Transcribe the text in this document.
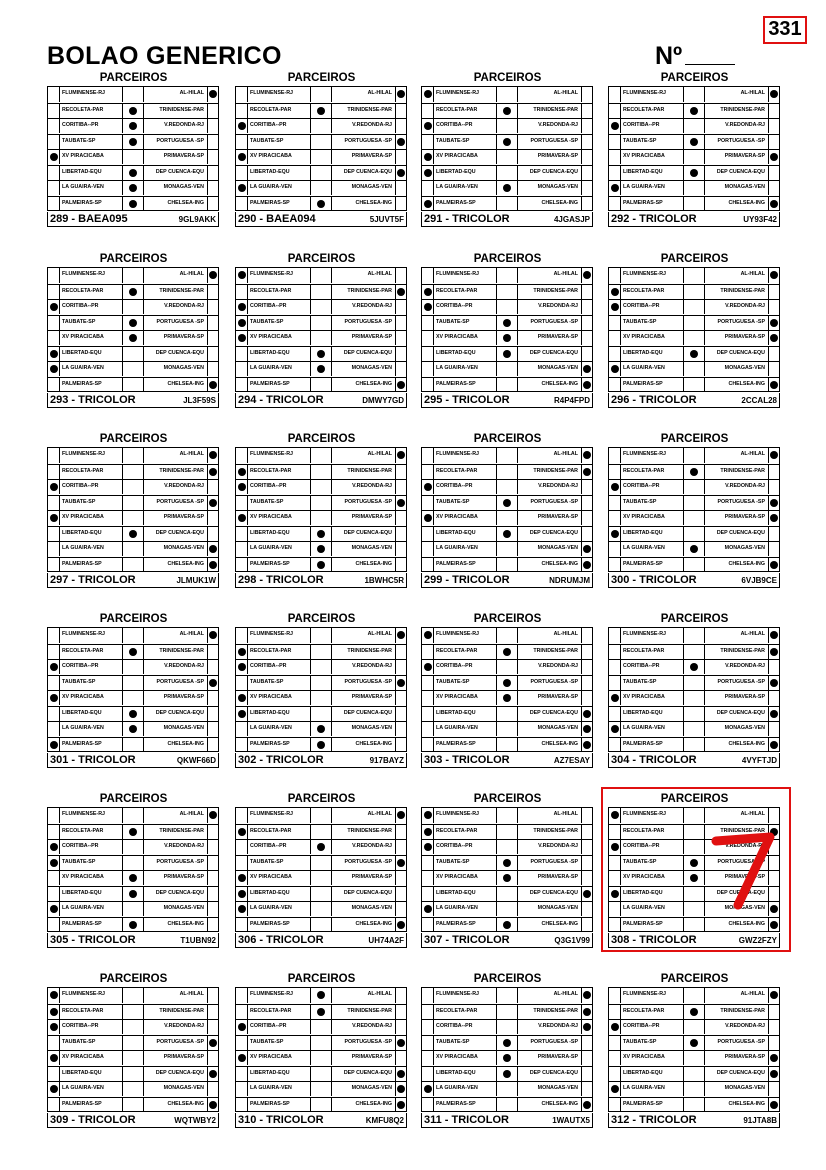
BOLAO GENERICO	Nº
331
PARCEIROS
FLUMINENSE-RJ	AL-HILAL
RECOLETA-PAR	TRINIDENSE-PAR
CORITIBA--PR	V.REDONDA-RJ
TAUBATE-SP	PORTUGUESA -SP
XV PIRACICABA	PRIMAVERA-SP
LIBERTAD-EQU	DEP CUENCA-EQU
LA GUAIRA-VEN	MONAGAS-VEN
PALMEIRAS-SP	CHELSEA-ING
289 - BAEA095	9GL9AKK
PARCEIROS
FLUMINENSE-RJ	AL-HILAL
RECOLETA-PAR	TRINIDENSE-PAR
CORITIBA--PR	V.REDONDA-RJ
TAUBATE-SP	PORTUGUESA -SP
XV PIRACICABA	PRIMAVERA-SP
LIBERTAD-EQU	DEP CUENCA-EQU
LA GUAIRA-VEN	MONAGAS-VEN
PALMEIRAS-SP	CHELSEA-ING
290 - BAEA094	5JUVT5F
PARCEIROS
FLUMINENSE-RJ	AL-HILAL
RECOLETA-PAR	TRINIDENSE-PAR
CORITIBA--PR	V.REDONDA-RJ
TAUBATE-SP	PORTUGUESA -SP
XV PIRACICABA	PRIMAVERA-SP
LIBERTAD-EQU	DEP CUENCA-EQU
LA GUAIRA-VEN	MONAGAS-VEN
PALMEIRAS-SP	CHELSEA-ING
291 - TRICOLOR	4JGASJP
PARCEIROS
FLUMINENSE-RJ	AL-HILAL
RECOLETA-PAR	TRINIDENSE-PAR
CORITIBA--PR	V.REDONDA-RJ
TAUBATE-SP	PORTUGUESA -SP
XV PIRACICABA	PRIMAVERA-SP
LIBERTAD-EQU	DEP CUENCA-EQU
LA GUAIRA-VEN	MONAGAS-VEN
PALMEIRAS-SP	CHELSEA-ING
292 - TRICOLOR	UY93F42
PARCEIROS
FLUMINENSE-RJ	AL-HILAL
RECOLETA-PAR	TRINIDENSE-PAR
CORITIBA--PR	V.REDONDA-RJ
TAUBATE-SP	PORTUGUESA -SP
XV PIRACICABA	PRIMAVERA-SP
LIBERTAD-EQU	DEP CUENCA-EQU
LA GUAIRA-VEN	MONAGAS-VEN
PALMEIRAS-SP	CHELSEA-ING
293 - TRICOLOR	JL3F59S
PARCEIROS
FLUMINENSE-RJ	AL-HILAL
RECOLETA-PAR	TRINIDENSE-PAR
CORITIBA--PR	V.REDONDA-RJ
TAUBATE-SP	PORTUGUESA -SP
XV PIRACICABA	PRIMAVERA-SP
LIBERTAD-EQU	DEP CUENCA-EQU
LA GUAIRA-VEN	MONAGAS-VEN
PALMEIRAS-SP	CHELSEA-ING
294 - TRICOLOR	DMWY7GD
PARCEIROS
FLUMINENSE-RJ	AL-HILAL
RECOLETA-PAR	TRINIDENSE-PAR
CORITIBA--PR	V.REDONDA-RJ
TAUBATE-SP	PORTUGUESA -SP
XV PIRACICABA	PRIMAVERA-SP
LIBERTAD-EQU	DEP CUENCA-EQU
LA GUAIRA-VEN	MONAGAS-VEN
PALMEIRAS-SP	CHELSEA-ING
295 - TRICOLOR	R4P4FPD
PARCEIROS
FLUMINENSE-RJ	AL-HILAL
RECOLETA-PAR	TRINIDENSE-PAR
CORITIBA--PR	V.REDONDA-RJ
TAUBATE-SP	PORTUGUESA -SP
XV PIRACICABA	PRIMAVERA-SP
LIBERTAD-EQU	DEP CUENCA-EQU
LA GUAIRA-VEN	MONAGAS-VEN
PALMEIRAS-SP	CHELSEA-ING
296 - TRICOLOR	2CCAL28
PARCEIROS
FLUMINENSE-RJ	AL-HILAL
RECOLETA-PAR	TRINIDENSE-PAR
CORITIBA--PR	V.REDONDA-RJ
TAUBATE-SP	PORTUGUESA -SP
XV PIRACICABA	PRIMAVERA-SP
LIBERTAD-EQU	DEP CUENCA-EQU
LA GUAIRA-VEN	MONAGAS-VEN
PALMEIRAS-SP	CHELSEA-ING
297 - TRICOLOR	JLMUK1W
PARCEIROS
FLUMINENSE-RJ	AL-HILAL
RECOLETA-PAR	TRINIDENSE-PAR
CORITIBA--PR	V.REDONDA-RJ
TAUBATE-SP	PORTUGUESA -SP
XV PIRACICABA	PRIMAVERA-SP
LIBERTAD-EQU	DEP CUENCA-EQU
LA GUAIRA-VEN	MONAGAS-VEN
PALMEIRAS-SP	CHELSEA-ING
298 - TRICOLOR	1BWHC5R
PARCEIROS
FLUMINENSE-RJ	AL-HILAL
RECOLETA-PAR	TRINIDENSE-PAR
CORITIBA--PR	V.REDONDA-RJ
TAUBATE-SP	PORTUGUESA -SP
XV PIRACICABA	PRIMAVERA-SP
LIBERTAD-EQU	DEP CUENCA-EQU
LA GUAIRA-VEN	MONAGAS-VEN
PALMEIRAS-SP	CHELSEA-ING
299 - TRICOLOR	NDRUMJM
PARCEIROS
FLUMINENSE-RJ	AL-HILAL
RECOLETA-PAR	TRINIDENSE-PAR
CORITIBA--PR	V.REDONDA-RJ
TAUBATE-SP	PORTUGUESA -SP
XV PIRACICABA	PRIMAVERA-SP
LIBERTAD-EQU	DEP CUENCA-EQU
LA GUAIRA-VEN	MONAGAS-VEN
PALMEIRAS-SP	CHELSEA-ING
300 - TRICOLOR	6VJB9CE
PARCEIROS
FLUMINENSE-RJ	AL-HILAL
RECOLETA-PAR	TRINIDENSE-PAR
CORITIBA--PR	V.REDONDA-RJ
TAUBATE-SP	PORTUGUESA -SP
XV PIRACICABA	PRIMAVERA-SP
LIBERTAD-EQU	DEP CUENCA-EQU
LA GUAIRA-VEN	MONAGAS-VEN
PALMEIRAS-SP	CHELSEA-ING
301 - TRICOLOR	QKWF66D
PARCEIROS
FLUMINENSE-RJ	AL-HILAL
RECOLETA-PAR	TRINIDENSE-PAR
CORITIBA--PR	V.REDONDA-RJ
TAUBATE-SP	PORTUGUESA -SP
XV PIRACICABA	PRIMAVERA-SP
LIBERTAD-EQU	DEP CUENCA-EQU
LA GUAIRA-VEN	MONAGAS-VEN
PALMEIRAS-SP	CHELSEA-ING
302 - TRICOLOR	917BAYZ
PARCEIROS
FLUMINENSE-RJ	AL-HILAL
RECOLETA-PAR	TRINIDENSE-PAR
CORITIBA--PR	V.REDONDA-RJ
TAUBATE-SP	PORTUGUESA -SP
XV PIRACICABA	PRIMAVERA-SP
LIBERTAD-EQU	DEP CUENCA-EQU
LA GUAIRA-VEN	MONAGAS-VEN
PALMEIRAS-SP	CHELSEA-ING
303 - TRICOLOR	AZ7ESAY
PARCEIROS
FLUMINENSE-RJ	AL-HILAL
RECOLETA-PAR	TRINIDENSE-PAR
CORITIBA--PR	V.REDONDA-RJ
TAUBATE-SP	PORTUGUESA -SP
XV PIRACICABA	PRIMAVERA-SP
LIBERTAD-EQU	DEP CUENCA-EQU
LA GUAIRA-VEN	MONAGAS-VEN
PALMEIRAS-SP	CHELSEA-ING
304 - TRICOLOR	4VYFTJD
PARCEIROS
FLUMINENSE-RJ	AL-HILAL
RECOLETA-PAR	TRINIDENSE-PAR
CORITIBA--PR	V.REDONDA-RJ
TAUBATE-SP	PORTUGUESA -SP
XV PIRACICABA	PRIMAVERA-SP
LIBERTAD-EQU	DEP CUENCA-EQU
LA GUAIRA-VEN	MONAGAS-VEN
PALMEIRAS-SP	CHELSEA-ING
305 - TRICOLOR	T1UBN92
PARCEIROS
FLUMINENSE-RJ	AL-HILAL
RECOLETA-PAR	TRINIDENSE-PAR
CORITIBA--PR	V.REDONDA-RJ
TAUBATE-SP	PORTUGUESA -SP
XV PIRACICABA	PRIMAVERA-SP
LIBERTAD-EQU	DEP CUENCA-EQU
LA GUAIRA-VEN	MONAGAS-VEN
PALMEIRAS-SP	CHELSEA-ING
306 - TRICOLOR	UH74A2F
PARCEIROS
FLUMINENSE-RJ	AL-HILAL
RECOLETA-PAR	TRINIDENSE-PAR
CORITIBA--PR	V.REDONDA-RJ
TAUBATE-SP	PORTUGUESA -SP
XV PIRACICABA	PRIMAVERA-SP
LIBERTAD-EQU	DEP CUENCA-EQU
LA GUAIRA-VEN	MONAGAS-VEN
PALMEIRAS-SP	CHELSEA-ING
307 - TRICOLOR	Q3G1V99
PARCEIROS
FLUMINENSE-RJ	AL-HILAL
RECOLETA-PAR	TRINIDENSE-PAR
CORITIBA--PR	V.REDONDA-RJ
TAUBATE-SP	PORTUGUESA -SP
XV PIRACICABA	PRIMAVERA-SP
LIBERTAD-EQU	DEP CUENCA-EQU
LA GUAIRA-VEN	MONAGAS-VEN
PALMEIRAS-SP	CHELSEA-ING
308 - TRICOLOR	GWZ2FZY
PARCEIROS
FLUMINENSE-RJ	AL-HILAL
RECOLETA-PAR	TRINIDENSE-PAR
CORITIBA--PR	V.REDONDA-RJ
TAUBATE-SP	PORTUGUESA -SP
XV PIRACICABA	PRIMAVERA-SP
LIBERTAD-EQU	DEP CUENCA-EQU
LA GUAIRA-VEN	MONAGAS-VEN
PALMEIRAS-SP	CHELSEA-ING
309 - TRICOLOR	WQTWBY2
PARCEIROS
FLUMINENSE-RJ	AL-HILAL
RECOLETA-PAR	TRINIDENSE-PAR
CORITIBA--PR	V.REDONDA-RJ
TAUBATE-SP	PORTUGUESA -SP
XV PIRACICABA	PRIMAVERA-SP
LIBERTAD-EQU	DEP CUENCA-EQU
LA GUAIRA-VEN	MONAGAS-VEN
PALMEIRAS-SP	CHELSEA-ING
310 - TRICOLOR	KMFU8Q2
PARCEIROS
FLUMINENSE-RJ	AL-HILAL
RECOLETA-PAR	TRINIDENSE-PAR
CORITIBA--PR	V.REDONDA-RJ
TAUBATE-SP	PORTUGUESA -SP
XV PIRACICABA	PRIMAVERA-SP
LIBERTAD-EQU	DEP CUENCA-EQU
LA GUAIRA-VEN	MONAGAS-VEN
PALMEIRAS-SP	CHELSEA-ING
311 - TRICOLOR	1WAUTX5
PARCEIROS
FLUMINENSE-RJ	AL-HILAL
RECOLETA-PAR	TRINIDENSE-PAR
CORITIBA--PR	V.REDONDA-RJ
TAUBATE-SP	PORTUGUESA -SP
XV PIRACICABA	PRIMAVERA-SP
LIBERTAD-EQU	DEP CUENCA-EQU
LA GUAIRA-VEN	MONAGAS-VEN
PALMEIRAS-SP	CHELSEA-ING
312 - TRICOLOR	91JTA8B
